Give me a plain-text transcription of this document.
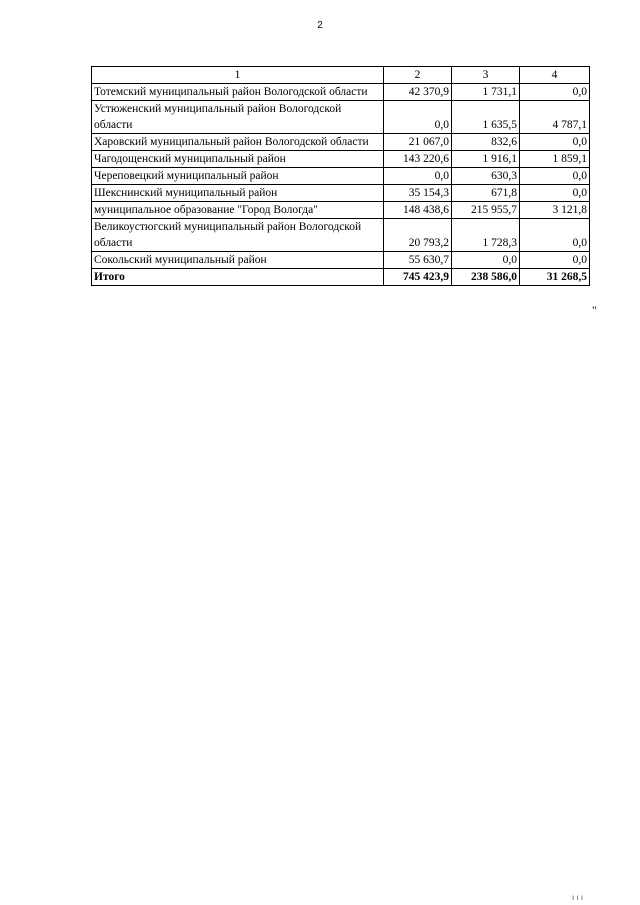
2
1	2	3	4
Тотемский муниципальный район Вологодской области	42 370,9	1 731,1	0,0
Устюженский муниципальный район Вологодской области	0,0	1 635,5	4 787,1
Харовский муниципальный район Вологодской области	21 067,0	832,6	0,0
Чагодощенский муниципальный район	143 220,6	1 916,1	1 859,1
Череповецкий муниципальный район	0,0	630,3	0,0
Шекснинский муниципальный район	35 154,3	671,8	0,0
муниципальное образование "Город Вологда"	148 438,6	215 955,7	3 121,8
Великоустюгский муниципальный район Вологодской области	20 793,2	1 728,3	0,0
Сокольский муниципальный район	55 630,7	0,0	0,0
Итого	745 423,9	238 586,0	31 268,5
"
ı ı ı
